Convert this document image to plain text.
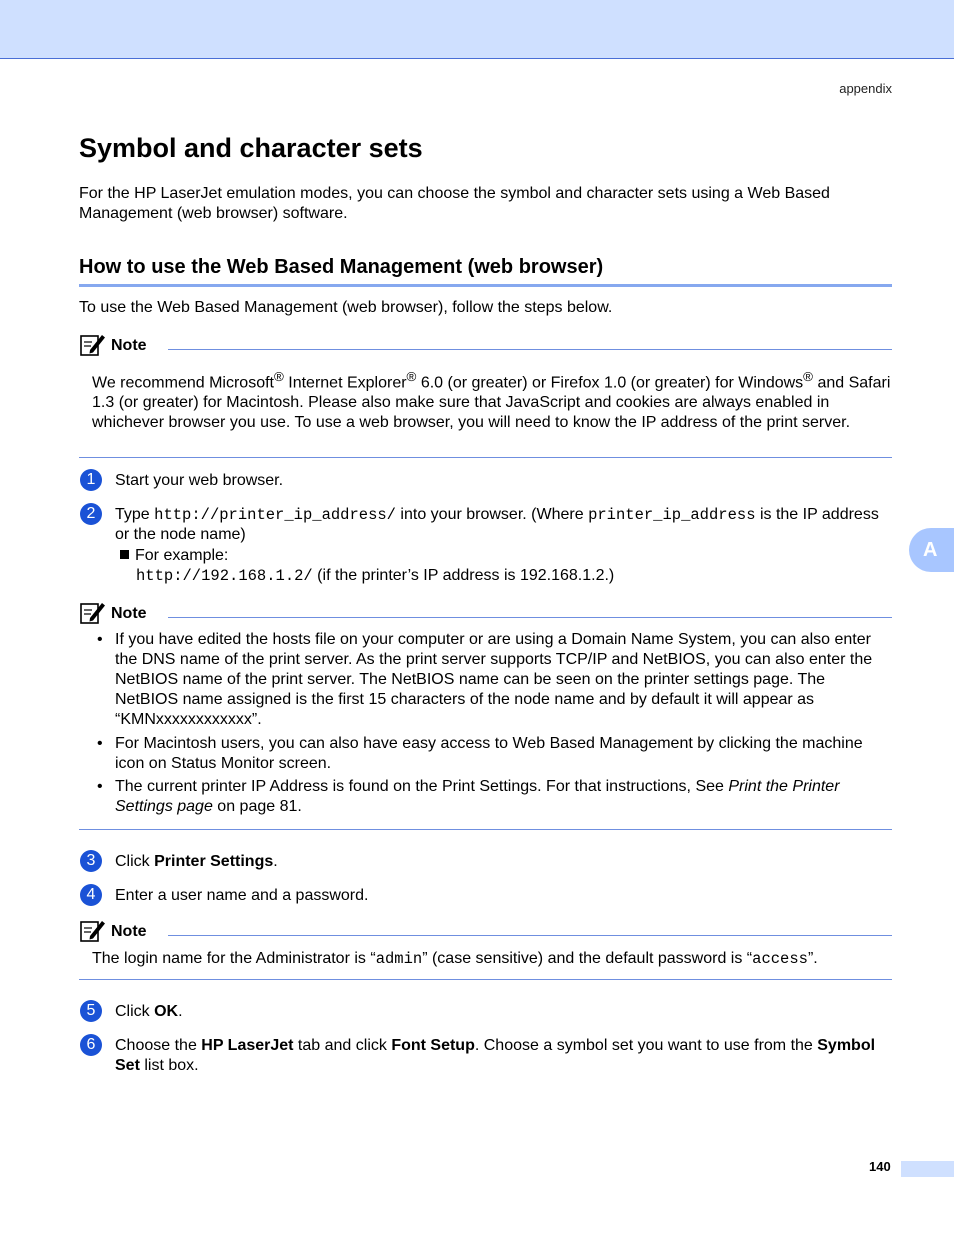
appendix
Symbol and character sets

For the HP LaserJet emulation modes, you can choose the symbol and character sets using a Web Based Management (web browser) software.

How to use the Web Based Management (web browser)

To use the Web Based Management (web browser), follow the steps below.

Note

We recommend Microsoft® Internet Explorer® 6.0 (or greater) or Firefox 1.0 (or greater) for Windows® and Safari 1.3 (or greater) for Macintosh. Please also make sure that JavaScript and cookies are always enabled in whichever browser you use. To use a web browser, you will need to know the IP address of the print server.

1	Start your web browser.

2	Type http://printer_ip_address/ into your browser. (Where printer_ip_address is the IP address or the node name)

For example:
http://192.168.1.2/ (if the printer’s IP address is 192.168.1.2.)
Note
• If you have edited the hosts file on your computer or are using a Domain Name System, you can also enter the DNS name of the print server. As the print server supports TCP/IP and NetBIOS, you can also enter the NetBIOS name of the print server. The NetBIOS name can be seen on the printer settings page. The NetBIOS name assigned is the first 15 characters of the node name and by default it will appear as “KMNxxxxxxxxxxxx”.
• For Macintosh users, you can also have easy access to Web Based Management by clicking the machine icon on Status Monitor screen.
• The current printer IP Address is found on the Print Settings. For that instructions, See Print the Printer Settings page on page 81.
3	Click Printer Settings.

4	Enter a user name and a password.

Note

The login name for the Administrator is “admin” (case sensitive) and the default password is “access”.

5	Click OK.

6	Choose the HP LaserJet tab and click Font Setup. Choose a symbol set you want to use from the Symbol Set list box.

A
140
